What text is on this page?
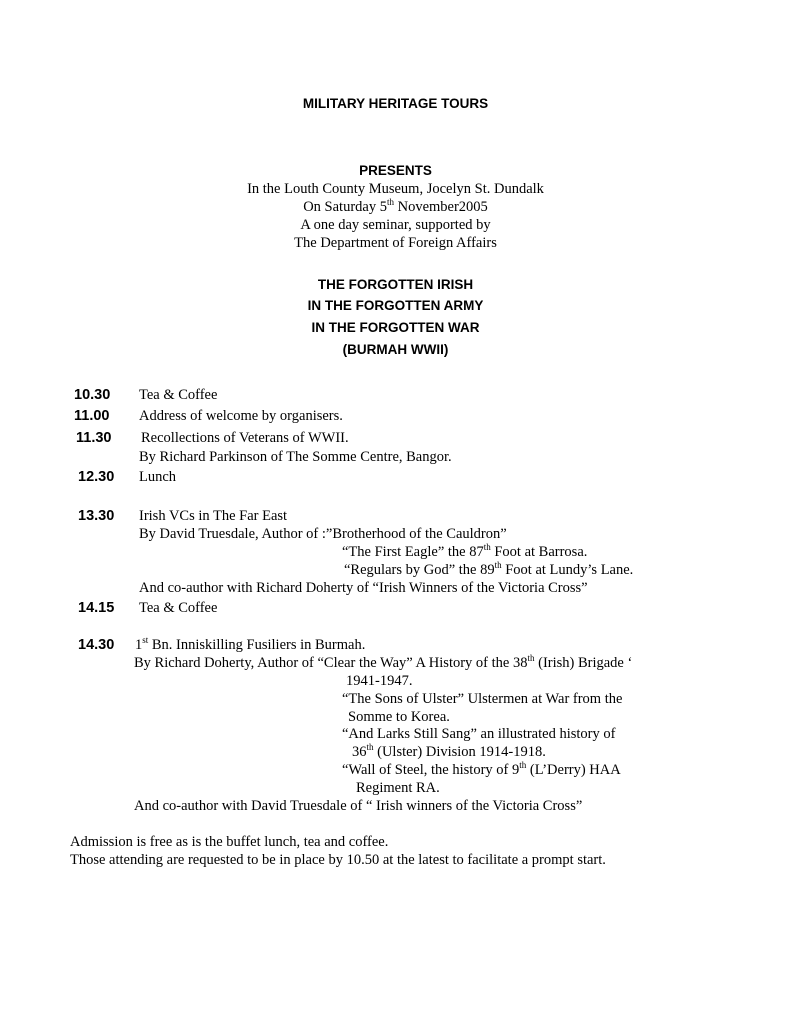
MILITARY HERITAGE TOURS
PRESENTS
In the Louth County Museum, Jocelyn St. Dundalk
On Saturday 5th November2005
A one day seminar, supported by
The Department of Foreign Affairs
THE FORGOTTEN IRISH
IN THE FORGOTTEN ARMY
IN THE FORGOTTEN WAR
(BURMAH WWII)
10.30 Tea & Coffee
11.00 Address of welcome by organisers.
11.30 Recollections of Veterans of WWII.
By Richard Parkinson of The Somme Centre, Bangor.
12.30 Lunch
13.30 Irish VCs in The Far East
By David Truesdale, Author of :”Brotherhood of the Cauldron”
“The First Eagle” the 87th Foot at Barrosa.
“Regulars by God” the 89th Foot at Lundy’s Lane.
And co-author with Richard Doherty of “Irish Winners of the Victoria Cross”
14.15 Tea & Coffee
14.30 1st Bn. Inniskilling Fusiliers in Burmah.
By Richard Doherty, Author of “Clear the Way” A History of the 38th (Irish) Brigade ‘
1941-1947.
“The Sons of Ulster” Ulstermen at War from the
Somme to Korea.
“And Larks Still Sang” an illustrated history of
36th (Ulster) Division 1914-1918.
“Wall of Steel, the history of 9th (L’Derry) HAA
Regiment RA.
And co-author with David Truesdale of “ Irish winners of the Victoria Cross”
Admission is free as is the buffet lunch, tea and coffee.
Those attending are requested to be in place by 10.50 at the latest to facilitate a prompt start.
